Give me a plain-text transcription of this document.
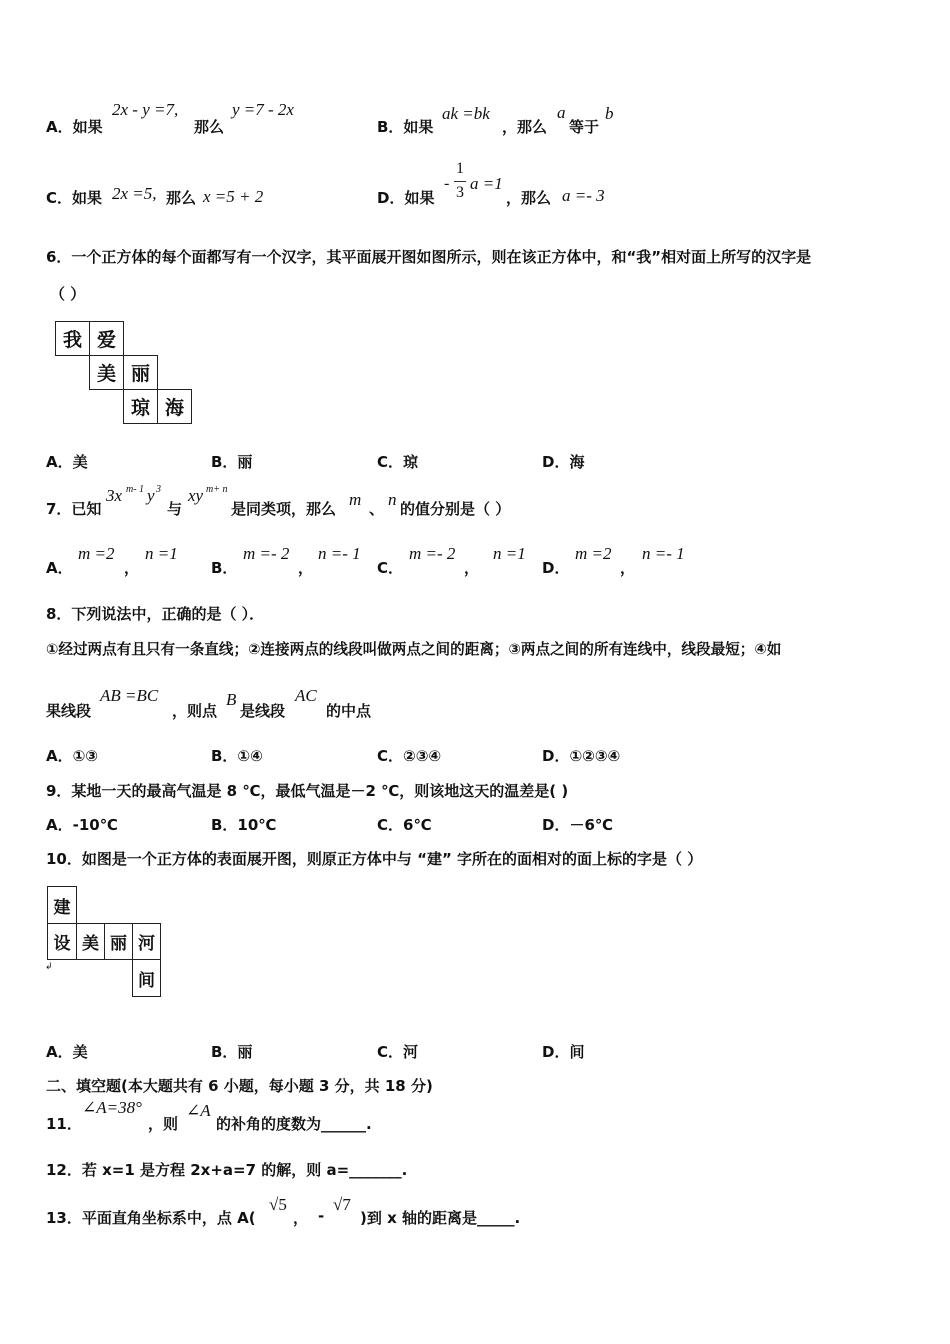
A．如果
2x - y =7,
那么
y =7 - 2x
B．如果
ak =bk
，那么
a
等于
b
C．如果 2x =5, 那么 x =5 + 2	D．如果
-
1
3 a =1
，那么 a =- 3
6．一个正方体的每个面都写有一个汉字，其平面展开图如图所示，则在该正方体中，和“我”相对面上所写的汉字是
（ ）
我 爱
美 丽
琼 海
A．美	B．丽	C．琼	D．海
7．已知
3x m- 1 y 3
与
xy m+ n
是同类项，那么 m 、 n 的值分别是（ ）
A．
m =2
，
n =1
B．
m =- 2
，
n =- 1
C．
m =- 2
，
n =1
D．
m =2
，
n =- 1
8．下列说法中，正确的是（ ）．
①经过两点有且只有一条直线；②连接两点的线段叫做两点之间的距离；③两点之间的所有连线中，线段最短；④如
果线段
AB =BC
，则点
B
是线段
AC
的中点
A．①③	B．①④	C．②③④	D．①②③④
9．某地一天的最高气温是 8 ℃，最低气温是－2 ℃，则该地这天的温差是( )
A．-10℃	B．10℃	C．6℃	D．－6℃
10．如图是一个正方体的表面展开图，则原正方体中与 “建” 字所在的面相对的面上标的字是（ ）
建
设 美 丽 河
间
↲
A．美	B．丽	C．河	D．间
二、填空题(本大题共有 6 小题，每小题 3 分，共 18 分)
11．
∠A=38°
，则
∠A
的补角的度数为______.
12．若 x=1 是方程 2x+a=7 的解，则 a=_______.
13．平面直角坐标系中，点 A(
√5
， -
√7
)到 x 轴的距离是_____.
